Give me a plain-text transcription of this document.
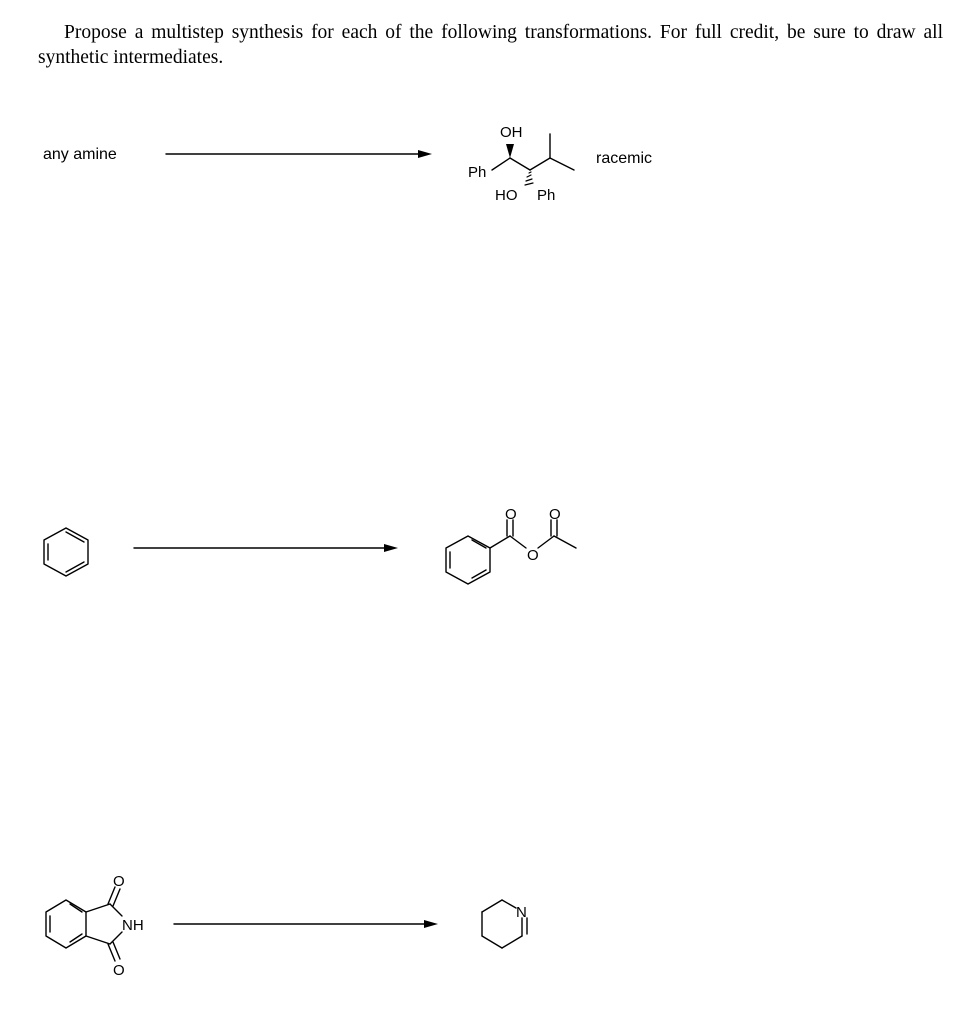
Propose a multistep synthesis for each of the following transformations. For full credit, be sure to draw all synthetic intermediates.
any amine	racemic
OH
Ph
HO Ph
O O
O
O
NH
O
N
